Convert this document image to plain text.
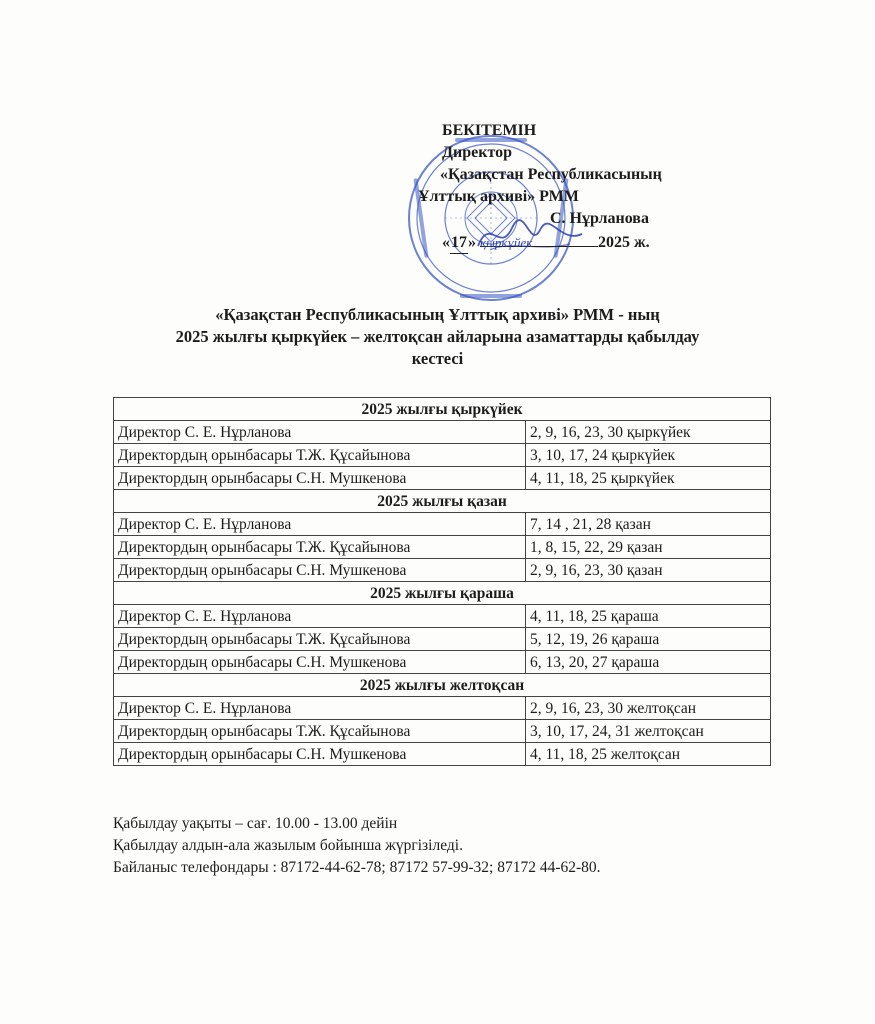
БЕКІТЕМІН
Директор
«Қазақстан Республикасының
Ұлттық архиві» РММ
С. Нұрланова
«17» қыркүйек	2025 ж.
«Қазақстан Республикасының Ұлттық архиві» РММ - ның
2025 жылғы қыркүйек – желтоқсан айларына азаматтарды қабылдау
кестесі
2025 жылғы қыркүйек	
Директор С. Е. Нұрланова	2, 9, 16, 23, 30 қыркүйек
Директордың орынбасары Т.Ж. Құсайынова	3, 10, 17, 24 қыркүйек
Директордың орынбасары С.Н. Мушкенова	4, 11, 18, 25 қыркүйек
2025 жылғы қазан	
Директор С. Е. Нұрланова	7, 14 , 21, 28 қазан
Директордың орынбасары Т.Ж. Құсайынова	1, 8, 15, 22, 29 қазан
Директордың орынбасары С.Н. Мушкенова	2, 9, 16, 23, 30 қазан
2025 жылғы қараша	
Директор С. Е. Нұрланова	4, 11, 18, 25 қараша
Директордың орынбасары Т.Ж. Құсайынова	5, 12, 19, 26 қараша
Директордың орынбасары С.Н. Мушкенова	6, 13, 20, 27 қараша
2025 жылғы желтоқсан	
Директор С. Е. Нұрланова	2, 9, 16, 23, 30 желтоқсан
Директордың орынбасары Т.Ж. Құсайынова	3, 10, 17, 24, 31 желтоқсан
Директордың орынбасары С.Н. Мушкенова	4, 11, 18, 25 желтоқсан
Қабылдау уақыты – сағ. 10.00 - 13.00 дейін
Қабылдау алдын-ала жазылым бойынша жүргізіледі.
Байланыс телефондары : 87172-44-62-78; 87172 57-99-32; 87172 44-62-80.
